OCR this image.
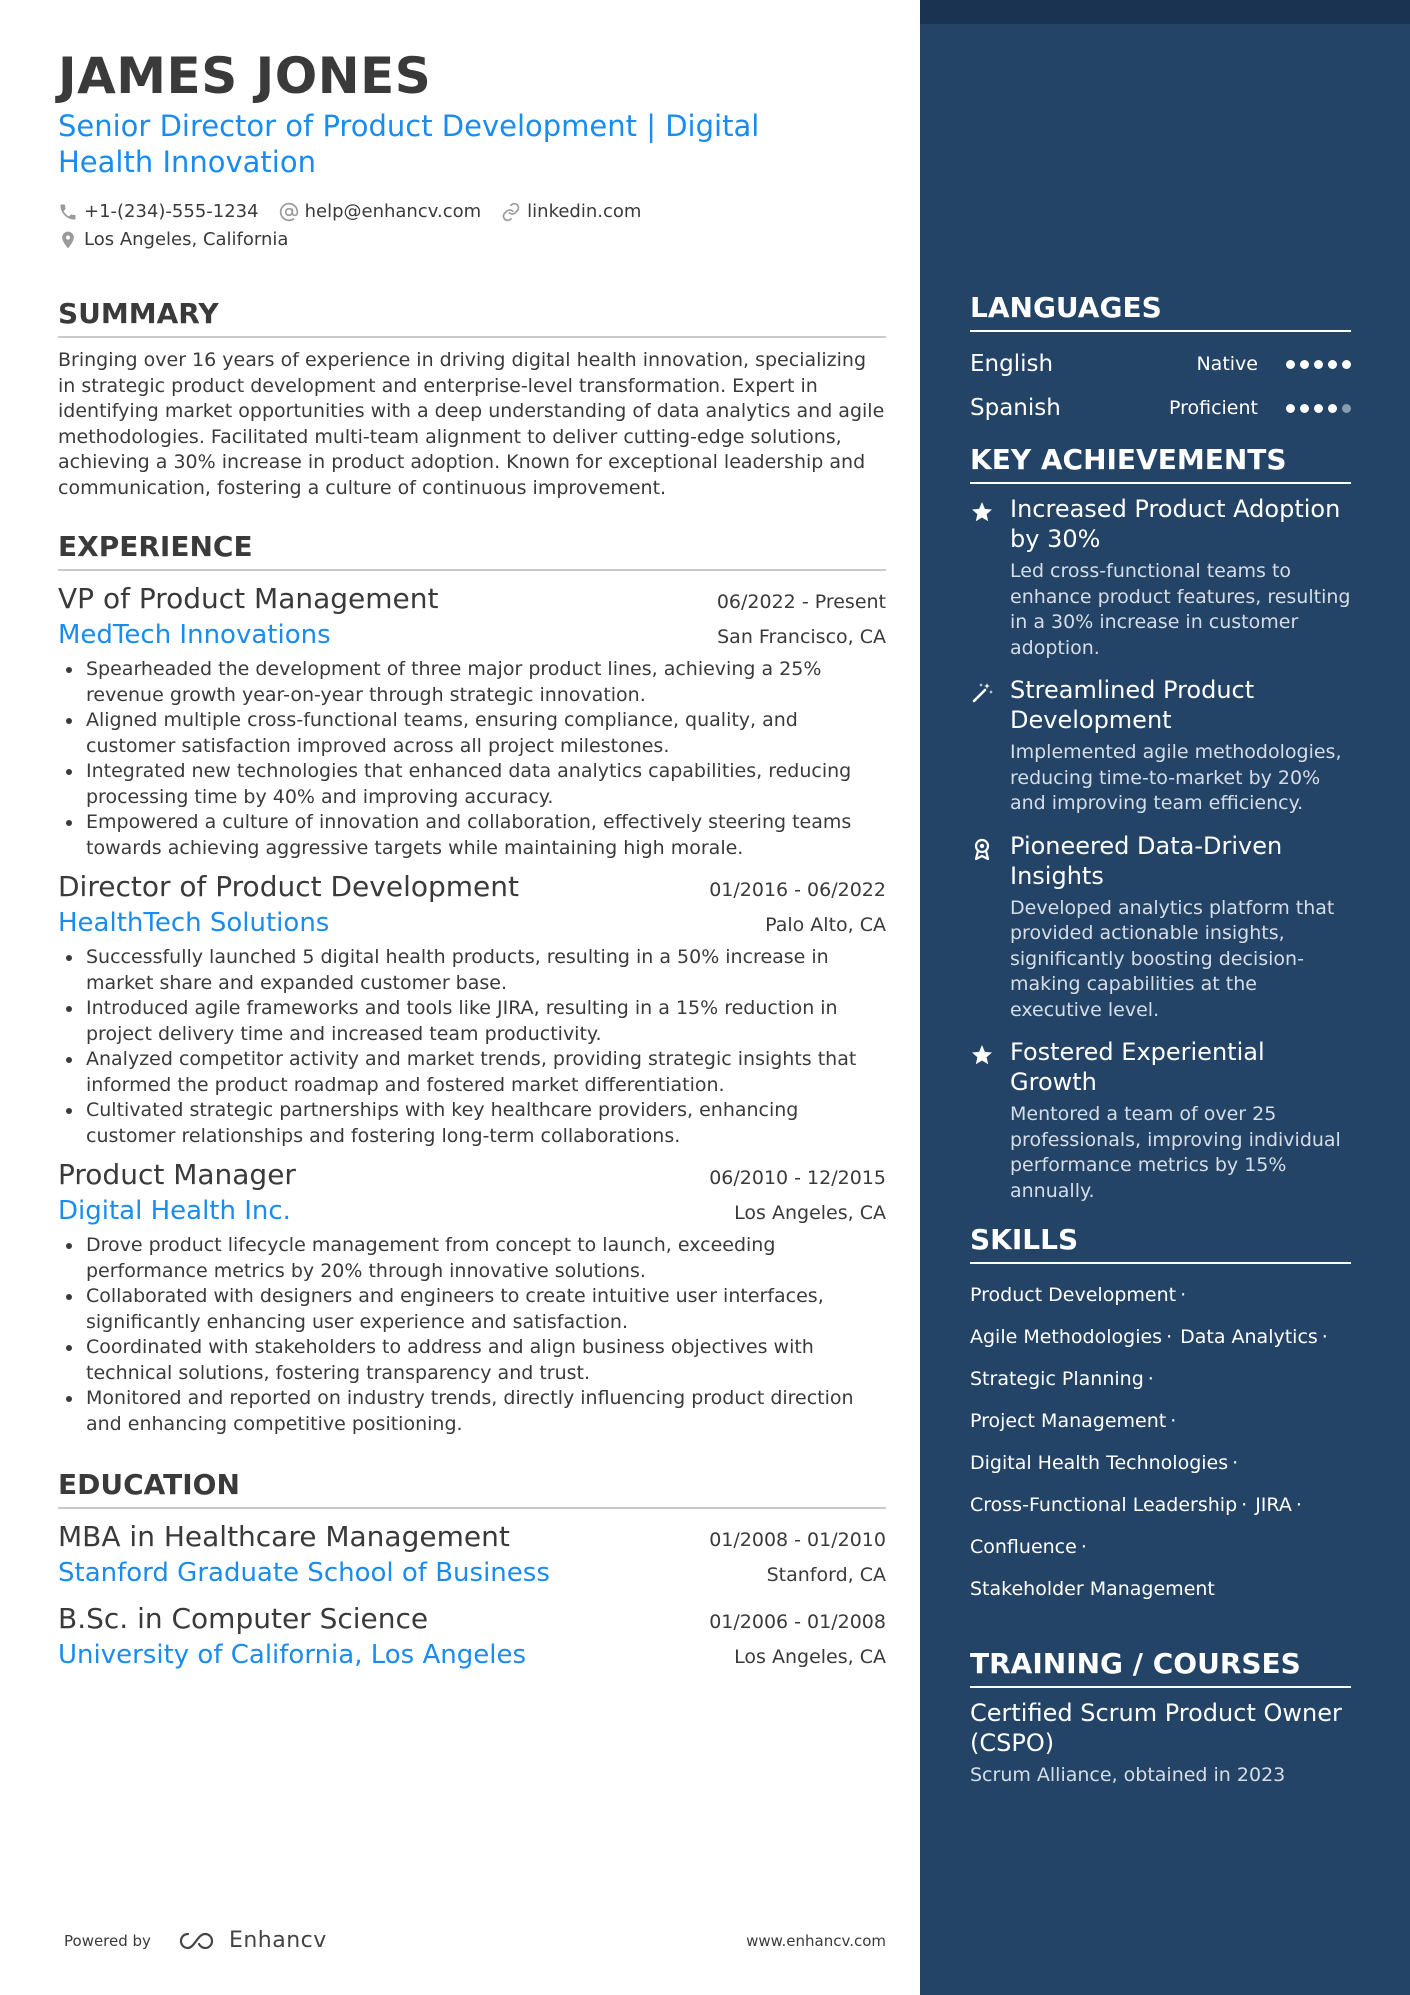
JAMES JONES
Senior Director of Product Development | Digital Health Innovation
+1-(234)-555-1234	help@enhancv.com	linkedin.com
Los Angeles, California
SUMMARY

Bringing over 16 years of experience in driving digital health innovation, specializing in strategic product development and enterprise-level transformation. Expert in identifying market opportunities with a deep understanding of data analytics and agile methodologies. Facilitated multi-team alignment to deliver cutting-edge solutions, achieving a 30% increase in product adoption. Known for exceptional leadership and communication, fostering a culture of continuous improvement.

EXPERIENCE
VP of Product Management	06/2022 - Present
MedTech Innovations	San Francisco, CA
Spearheaded the development of three major product lines, achieving a 25% revenue growth year-on-year through strategic innovation.
Aligned multiple cross-functional teams, ensuring compliance, quality, and customer satisfaction improved across all project milestones.
Integrated new technologies that enhanced data analytics capabilities, reducing processing time by 40% and improving accuracy.
Empowered a culture of innovation and collaboration, effectively steering teams towards achieving aggressive targets while maintaining high morale.
Director of Product Development	01/2016 - 06/2022
HealthTech Solutions	Palo Alto, CA
Successfully launched 5 digital health products, resulting in a 50% increase in market share and expanded customer base.
Introduced agile frameworks and tools like JIRA, resulting in a 15% reduction in project delivery time and increased team productivity.
Analyzed competitor activity and market trends, providing strategic insights that informed the product roadmap and fostered market differentiation.
Cultivated strategic partnerships with key healthcare providers, enhancing customer relationships and fostering long-term collaborations.
Product Manager	06/2010 - 12/2015
Digital Health Inc.	Los Angeles, CA
Drove product lifecycle management from concept to launch, exceeding performance metrics by 20% through innovative solutions.
Collaborated with designers and engineers to create intuitive user interfaces, significantly enhancing user experience and satisfaction.
Coordinated with stakeholders to address and align business objectives with technical solutions, fostering transparency and trust.
Monitored and reported on industry trends, directly influencing product direction and enhancing competitive positioning.
EDUCATION
MBA in Healthcare Management	01/2008 - 01/2010
Stanford Graduate School of Business	Stanford, CA
B.Sc. in Computer Science	01/2006 - 01/2008
University of California, Los Angeles	Los Angeles, CA
Powered by	Enhancv	www.enhancv.com
LANGUAGES
English	Native
Spanish	Proficient
KEY ACHIEVEMENTS
Increased Product Adoption by 30%
Led cross-functional teams to enhance product features, resulting in a 30% increase in customer adoption.
Streamlined Product Development
Implemented agile methodologies, reducing time-to-market by 20% and improving team efficiency.
Pioneered Data-Driven Insights
Developed analytics platform that provided actionable insights, significantly boosting decision-making capabilities at the executive level.
Fostered Experiential Growth
Mentored a team of over 25 professionals, improving individual performance metrics by 15% annually.
SKILLS
Product Development ·
Agile Methodologies · Data Analytics ·
Strategic Planning ·
Project Management ·
Digital Health Technologies ·
Cross-Functional Leadership · JIRA ·
Confluence ·
Stakeholder Management
TRAINING / COURSES
Certified Scrum Product Owner (CSPO)
Scrum Alliance, obtained in 2023
